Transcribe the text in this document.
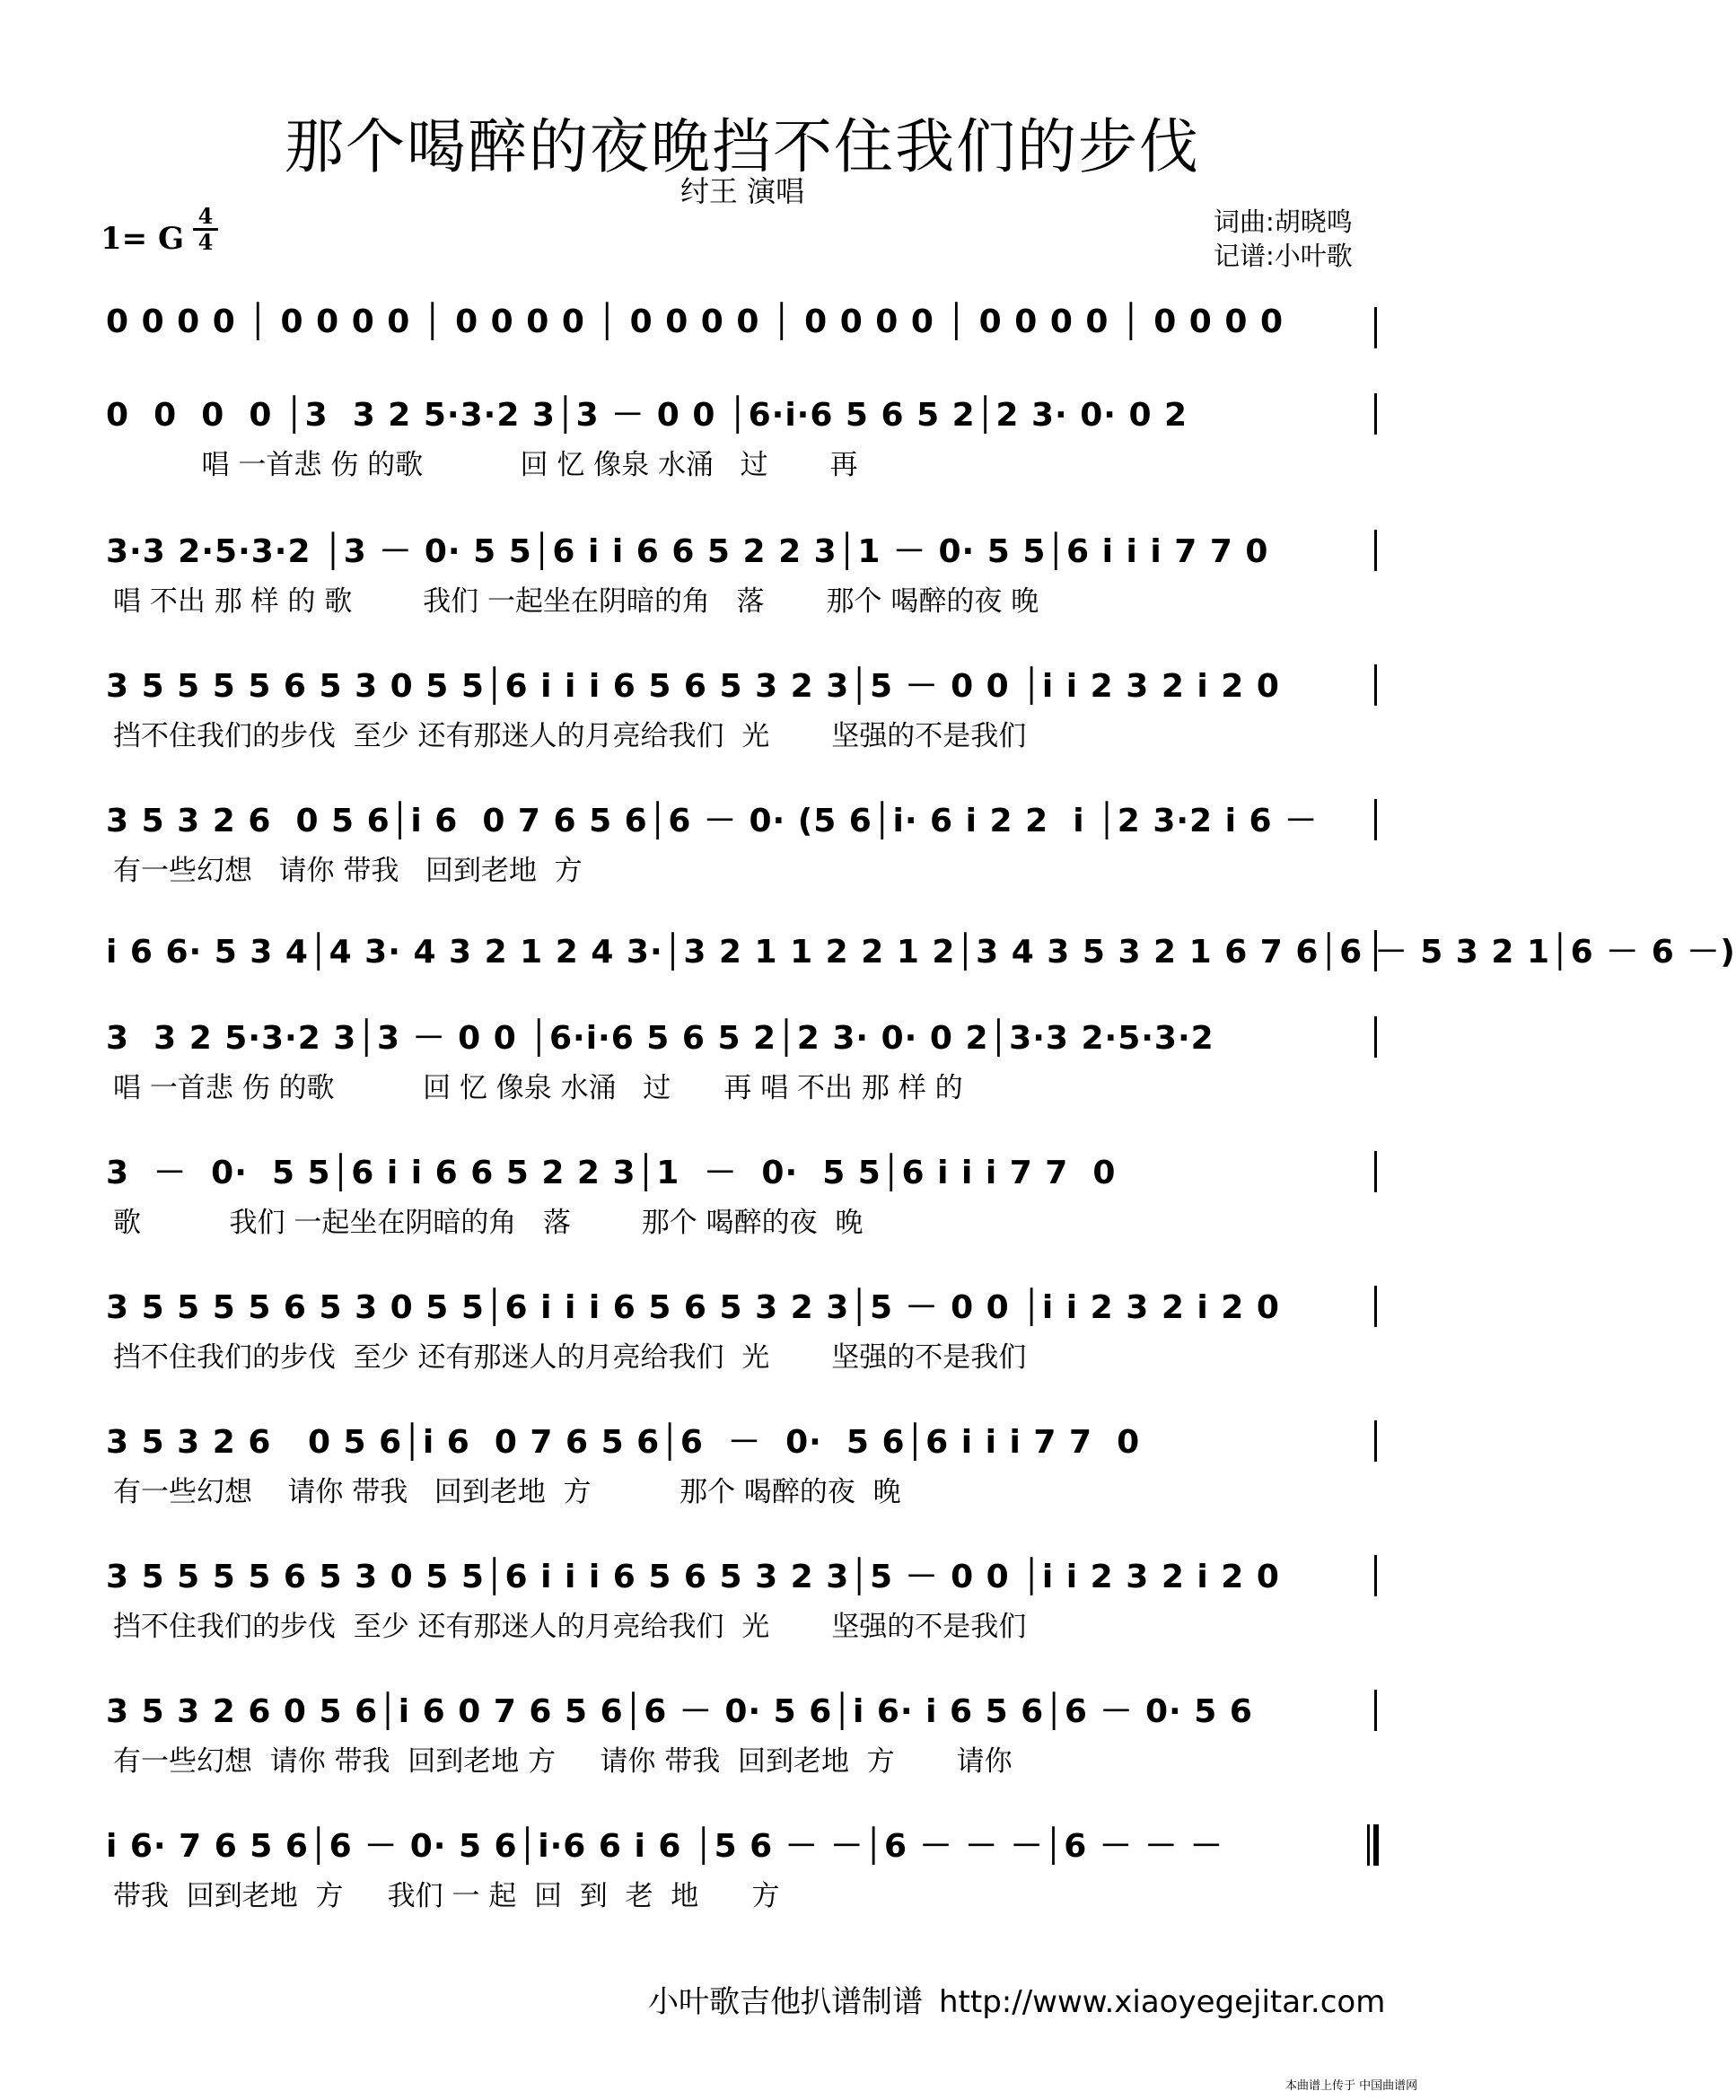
那个喝醉的夜晚挡不住我们的步伐
纣王 演唱
1= G
4
4
词曲:胡晓鸣
记谱:小叶歌
0 0 0 0 │ 0 0 0 0 │ 0 0 0 0 │ 0 0 0 0 │ 0 0 0 0 │ 0 0 0 0 │ 0 0 0 0
0  0  0  0 │3  3 2 5·3·2 3│3 － 0 0 │6·i·6 5 6 5 2│2 3· 0· 0 2
唱 一首悲 伤 的歌           回 忆 像泉 水涌   过       再
3·3 2·5·3·2 │3 － 0· 5 5│6 i i 6 6 5 2 2 3│1 － 0· 5 5│6 i i i 7 7 0
唱 不出 那 样 的 歌        我们 一起坐在阴暗的角   落       那个 喝醉的夜 晚
3 5 5 5 5 6 5 3 0 5 5│6 i i i 6 5 6 5 3 2 3│5 － 0 0 │i i 2 3 2 i 2 0
挡不住我们的步伐  至少 还有那迷人的月亮给我们  光       坚强的不是我们
3 5 3 2 6  0 5 6│i 6  0 7 6 5 6│6 － 0· (5 6│i· 6 i 2 2  i │2 3·2 i 6 －
有一些幻想   请你 带我   回到老地  方
i 6 6· 5 3 4│4 3· 4 3 2 1 2 4 3·│3 2 1 1 2 2 1 2│3 4 3 5 3 2 1 6 7 6│6 － 5 3 2 1│6 － 6 －)
3  3 2 5·3·2 3│3 － 0 0 │6·i·6 5 6 5 2│2 3· 0· 0 2│3·3 2·5·3·2
唱 一首悲 伤 的歌          回 忆 像泉 水涌   过      再 唱 不出 那 样 的
3  －  0·  5 5│6 i i 6 6 5 2 2 3│1  －  0·  5 5│6 i i i 7 7  0
歌          我们 一起坐在阴暗的角   落        那个 喝醉的夜  晚
3 5 5 5 5 6 5 3 0 5 5│6 i i i 6 5 6 5 3 2 3│5 － 0 0 │i i 2 3 2 i 2 0
挡不住我们的步伐  至少 还有那迷人的月亮给我们  光       坚强的不是我们
3 5 3 2 6   0 5 6│i 6  0 7 6 5 6│6  －  0·  5 6│6 i i i 7 7  0
有一些幻想    请你 带我   回到老地  方          那个 喝醉的夜  晚
3 5 5 5 5 6 5 3 0 5 5│6 i i i 6 5 6 5 3 2 3│5 － 0 0 │i i 2 3 2 i 2 0
挡不住我们的步伐  至少 还有那迷人的月亮给我们  光       坚强的不是我们
3 5 3 2 6 0 5 6│i 6 0 7 6 5 6│6 － 0· 5 6│i 6· i 6 5 6│6 － 0· 5 6
有一些幻想  请你 带我  回到老地 方     请你 带我  回到老地  方       请你
i 6· 7 6 5 6│6 － 0· 5 6│i·6 6 i 6 │5 6 － －│6 － － －│6 － － －
带我  回到老地  方     我们 一 起  回  到  老  地      方
小叶歌吉他扒谱制谱 http://www.xiaoyegejitar.com
本曲谱上传于 中国曲谱网
